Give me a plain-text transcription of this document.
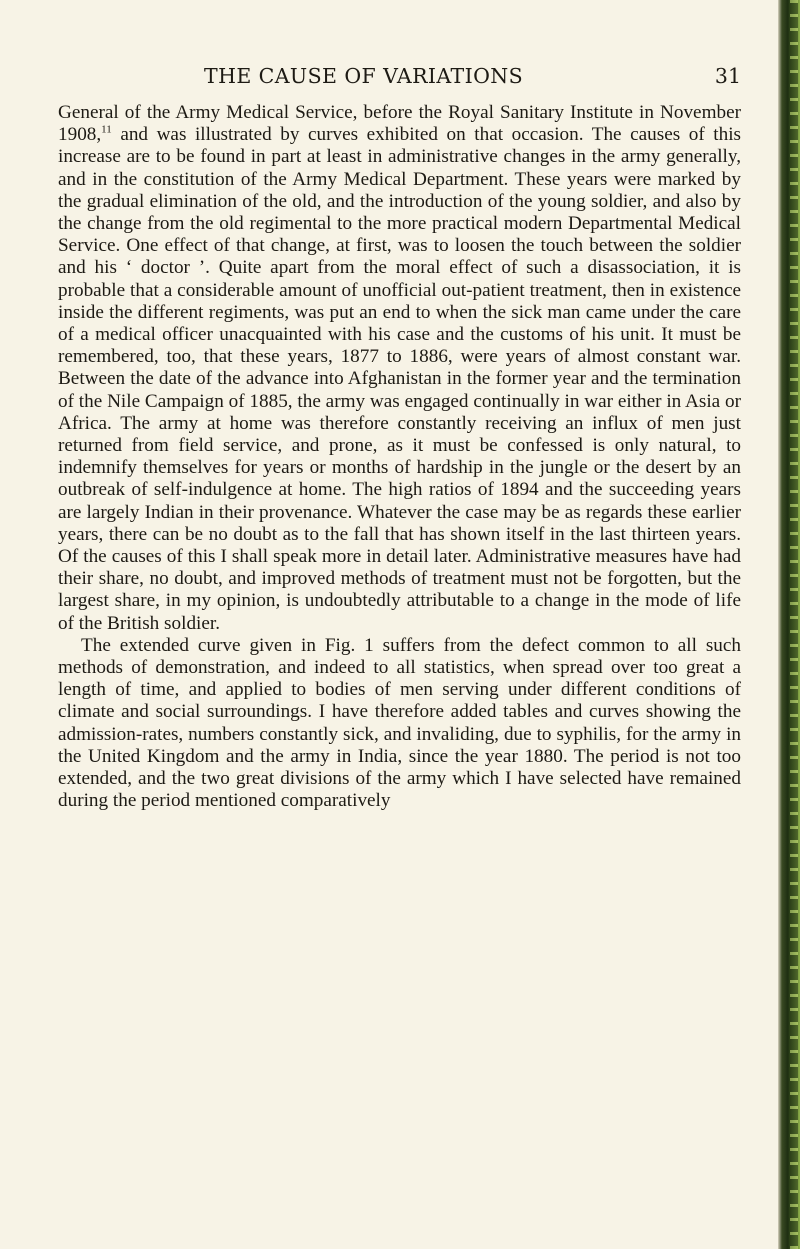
THE CAUSE OF VARIATIONS	31

General of the Army Medical Service, before the Royal Sanitary Institute in November 1908,11 and was illustrated by curves exhibited on that occasion. The causes of this increase are to be found in part at least in administrative changes in the army generally, and in the constitution of the Army Medical Department. These years were marked by the gradual elimination of the old, and the introduction of the young soldier, and also by the change from the old regimental to the more practical modern Departmental Medical Service. One effect of that change, at first, was to loosen the touch between the soldier and his ‘ doctor ’. Quite apart from the moral effect of such a disassociation, it is probable that a considerable amount of unofficial out-patient treatment, then in existence inside the different regiments, was put an end to when the sick man came under the care of a medical officer unacquainted with his case and the customs of his unit. It must be remembered, too, that these years, 1877 to 1886, were years of almost constant war. Between the date of the advance into Afghanistan in the former year and the termination of the Nile Campaign of 1885, the army was engaged continually in war either in Asia or Africa. The army at home was therefore constantly receiving an influx of men just returned from field service, and prone, as it must be confessed is only natural, to indemnify themselves for years or months of hardship in the jungle or the desert by an outbreak of self-indulgence at home. The high ratios of 1894 and the succeeding years are largely Indian in their provenance. Whatever the case may be as regards these earlier years, there can be no doubt as to the fall that has shown itself in the last thirteen years. Of the causes of this I shall speak more in detail later. Administrative measures have had their share, no doubt, and improved methods of treatment must not be forgotten, but the largest share, in my opinion, is undoubtedly attributable to a change in the mode of life of the British soldier.

The extended curve given in Fig. 1 suffers from the defect common to all such methods of demonstration, and indeed to all statistics, when spread over too great a length of time, and applied to bodies of men serving under different conditions of climate and social surroundings. I have therefore added tables and curves showing the admission-rates, numbers constantly sick, and invaliding, due to syphilis, for the army in the United Kingdom and the army in India, since the year 1880. The period is not too extended, and the two great divisions of the army which I have selected have remained during the period mentioned comparatively
